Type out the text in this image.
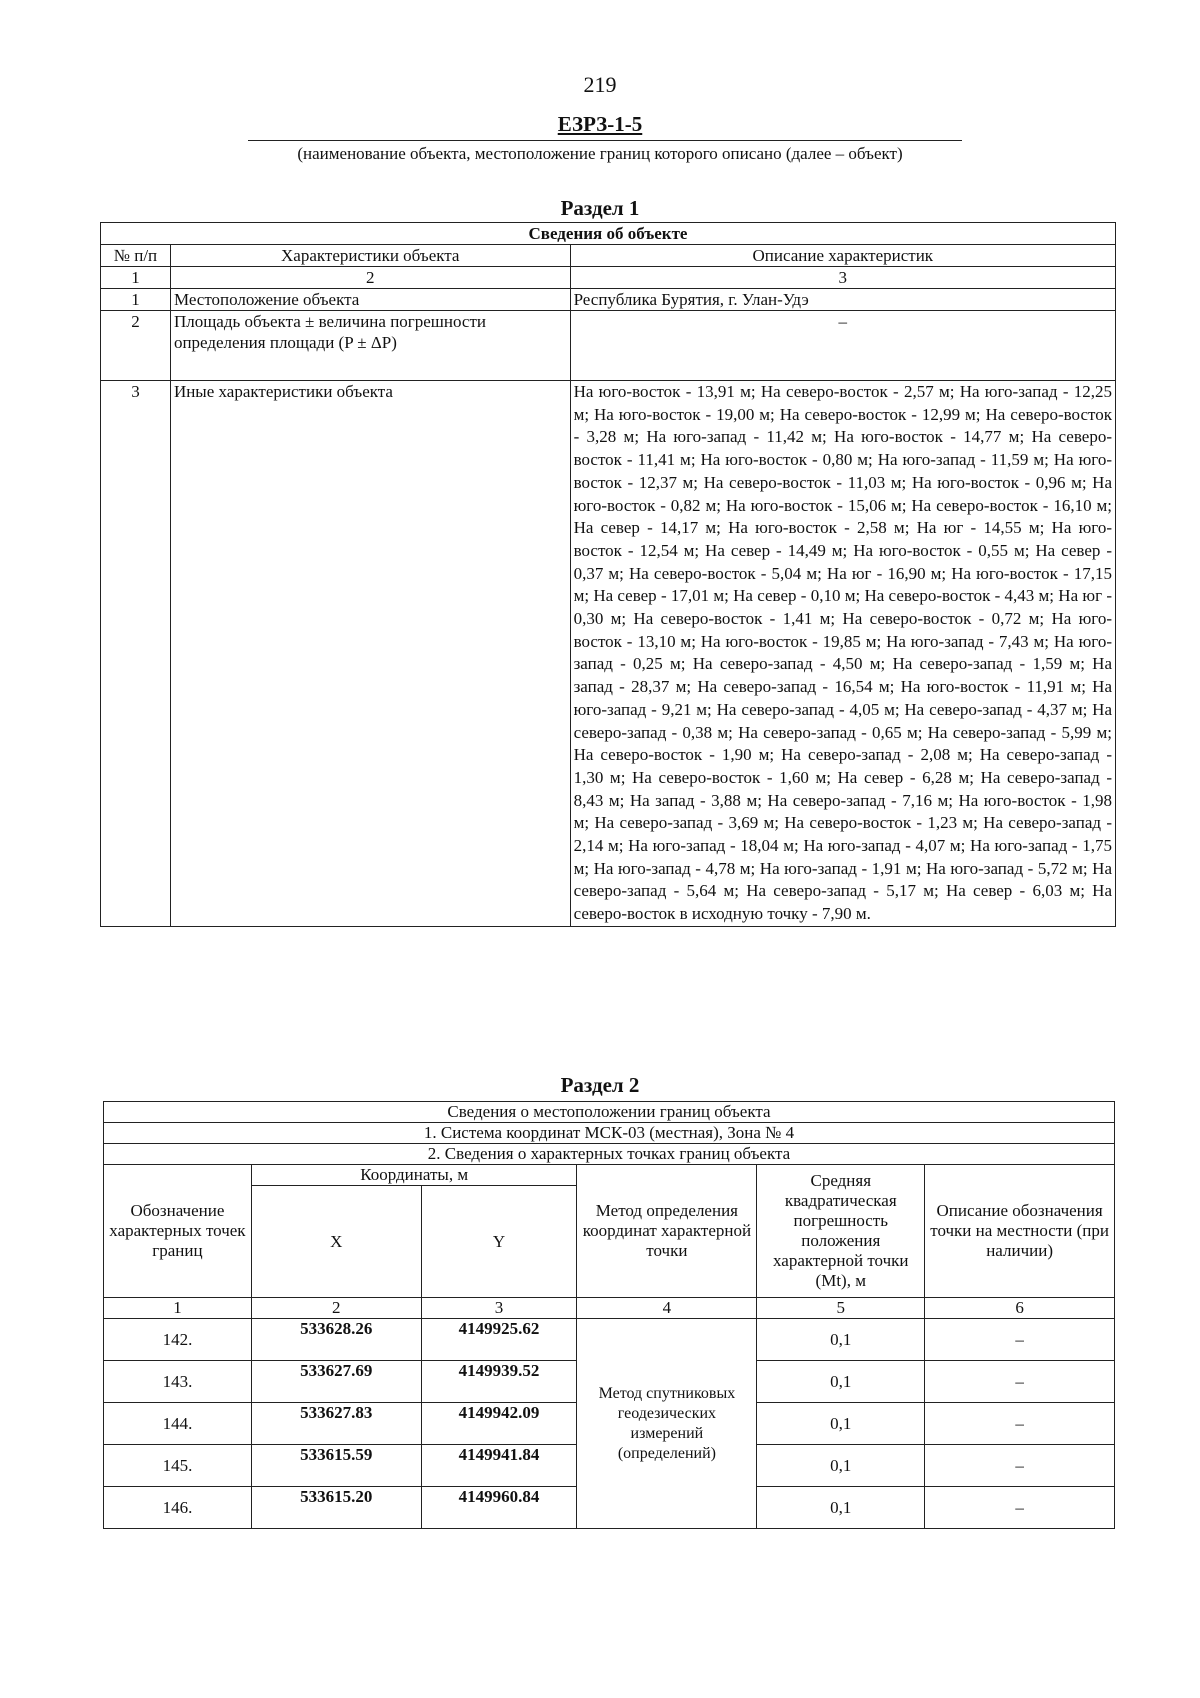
219
ЕЗРЗ-1-5
(наименование объекта, местоположение границ которого описано (далее – объект)
Раздел 1
Сведения об объекте		
№ п/п	Характеристики объекта	Описание характеристик
1	2	3
1	Местоположение объекта	Республика Бурятия, г. Улан-Удэ
2	Площадь объекта ± величина погрешности определения площади (P ± ΔP)	–
3	Иные характеристики объекта	На юго-восток - 13,91 м; На северо-восток - 2,57 м; На юго-запад - 12,25 м; На юго-восток - 19,00 м; На северо-восток - 12,99 м; На северо-восток - 3,28 м; На юго-запад - 11,42 м; На юго-восток - 14,77 м; На северо-восток - 11,41 м; На юго-восток - 0,80 м; На юго-запад - 11,59 м; На юго-восток - 12,37 м; На северо-восток - 11,03 м; На юго-восток - 0,96 м; На юго-восток - 0,82 м; На юго-восток - 15,06 м; На северо-восток - 16,10 м; На север - 14,17 м; На юго-восток - 2,58 м; На юг - 14,55 м; На юго-восток - 12,54 м; На север - 14,49 м; На юго-восток - 0,55 м; На север - 0,37 м; На северо-восток - 5,04 м; На юг - 16,90 м; На юго-восток - 17,15 м; На север - 17,01 м; На север - 0,10 м; На северо-восток - 4,43 м; На юг - 0,30 м; На северо-восток - 1,41 м; На северо-восток - 0,72 м; На юго-восток - 13,10 м; На юго-восток - 19,85 м; На юго-запад - 7,43 м; На юго-запад - 0,25 м; На северо-запад - 4,50 м; На северо-запад - 1,59 м; На запад - 28,37 м; На северо-запад - 16,54 м; На юго-восток - 11,91 м; На юго-запад - 9,21 м; На северо-запад - 4,05 м; На северо-запад - 4,37 м; На северо-запад - 0,38 м; На северо-запад - 0,65 м; На северо-запад - 5,99 м; На северо-восток - 1,90 м; На северо-запад - 2,08 м; На северо-запад - 1,30 м; На северо-восток - 1,60 м; На север - 6,28 м; На северо-запад - 8,43 м; На запад - 3,88 м; На северо-запад - 7,16 м; На юго-восток - 1,98 м; На северо-запад - 3,69 м; На северо-восток - 1,23 м; На северо-запад - 2,14 м; На юго-запад - 18,04 м; На юго-запад - 4,07 м; На юго-запад - 1,75 м; На юго-запад - 4,78 м; На юго-запад - 1,91 м; На юго-запад - 5,72 м; На северо-запад - 5,64 м; На северо-запад - 5,17 м; На север - 6,03 м; На северо-восток в исходную точку - 7,90 м.
Раздел 2
Сведения о местоположении границ объекта					
1. Система координат МСК-03 (местная), Зона № 4					
2. Сведения о характерных точках границ объекта					
Обозначение характерных точек границ	Координаты, м		Метод определения координат характерной точки	Средняя квадратическая погрешность положения характерной точки (Mt), м	Описание обозначения точки на местности (при наличии)
	X	Y			
1	2	3	4	5	6
142.	533628.26	4149925.62	Метод спутниковых геодезических измерений (определений)	0,1	–
143.	533627.69	4149939.52		0,1	–
144.	533627.83	4149942.09		0,1	–
145.	533615.59	4149941.84		0,1	–
146.	533615.20	4149960.84		0,1	–
